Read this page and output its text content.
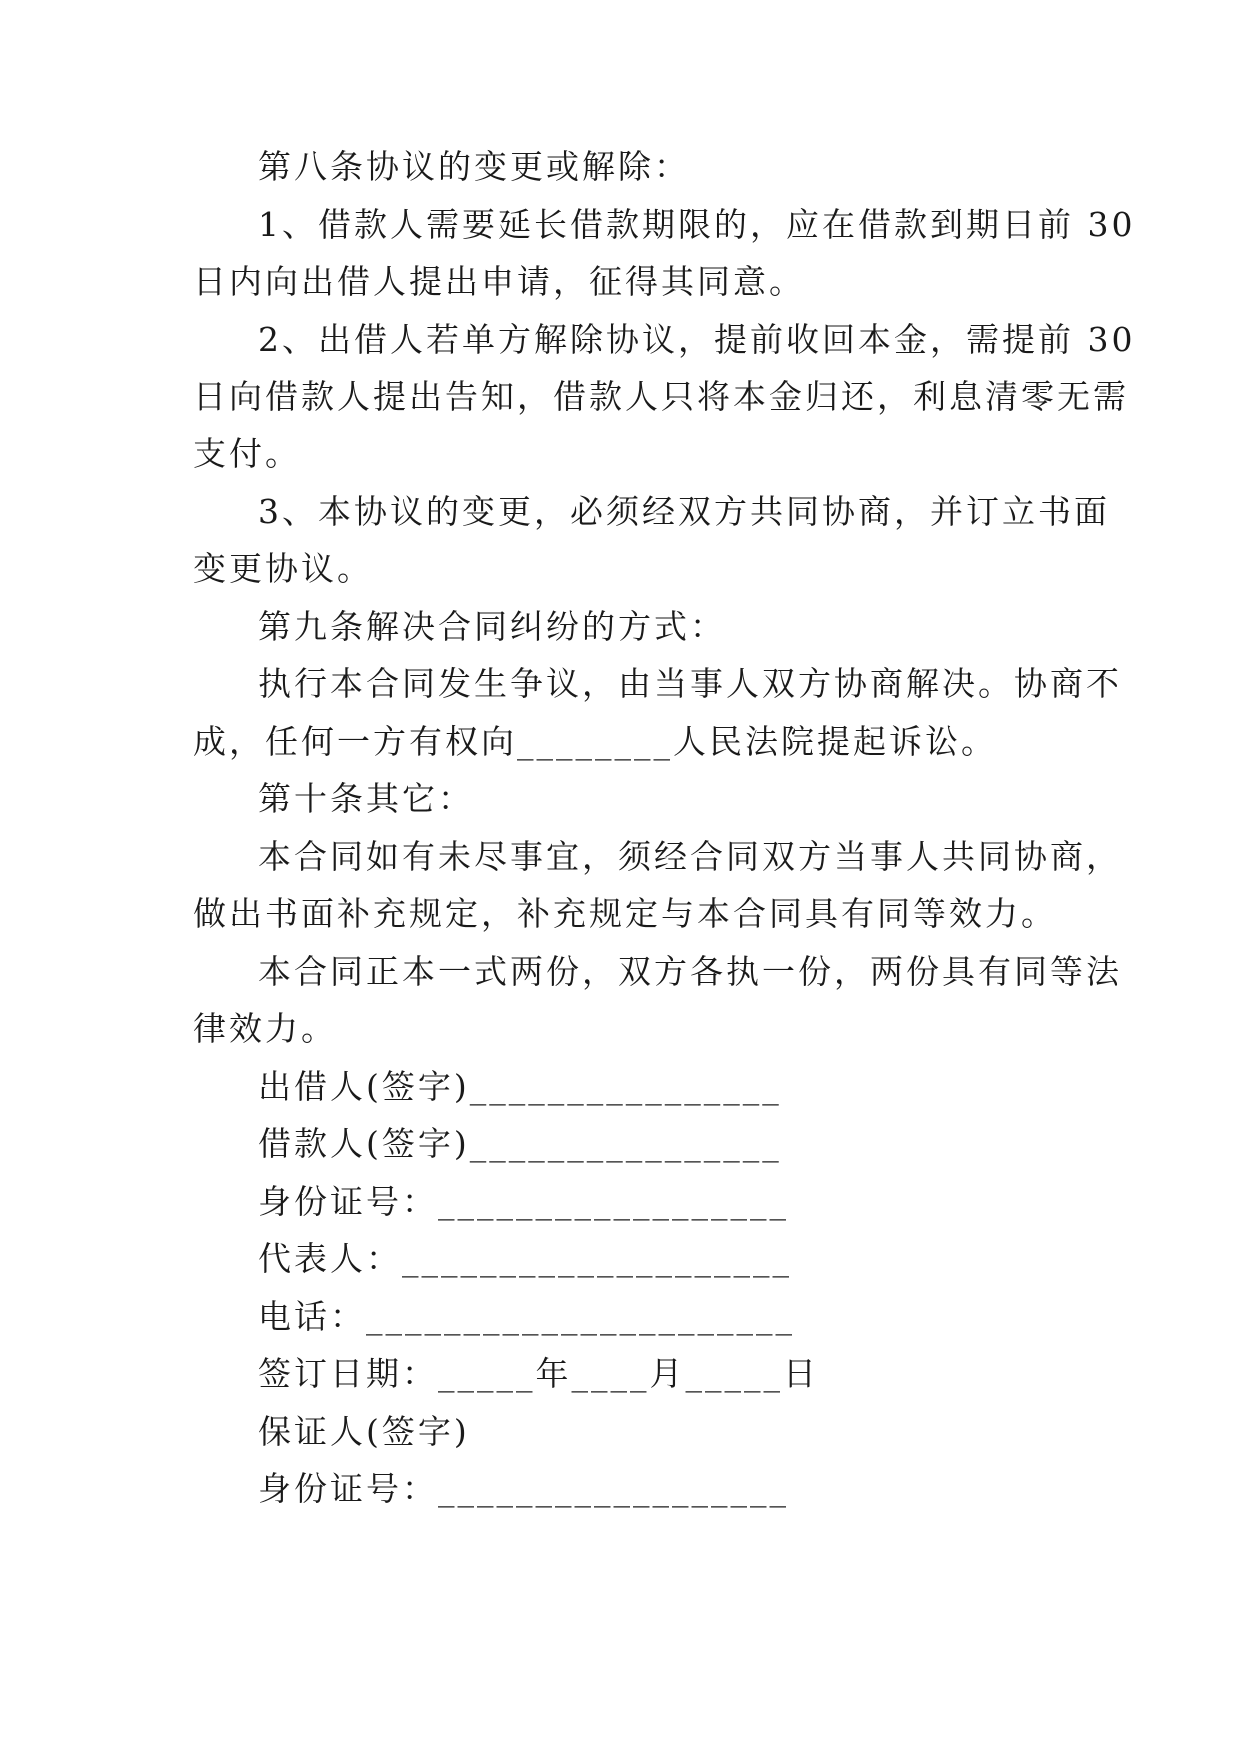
第八条协议的变更或解除：
1、借款人需要延长借款期限的，应在借款到期日前 30
日内向出借人提出申请，征得其同意。
2、出借人若单方解除协议，提前收回本金，需提前 30
日向借款人提出告知，借款人只将本金归还，利息清零无需
支付。
3、本协议的变更，必须经双方共同协商，并订立书面
变更协议。
第九条解决合同纠纷的方式：
执行本合同发生争议，由当事人双方协商解决。协商不
成，任何一方有权向________人民法院提起诉讼。
第十条其它：
本合同如有未尽事宜，须经合同双方当事人共同协商，
做出书面补充规定，补充规定与本合同具有同等效力。
本合同正本一式两份，双方各执一份，两份具有同等法
律效力。
出借人(签字)________________
借款人(签字)________________
身份证号：__________________
代表人：____________________
电话：______________________
签订日期：_____年____月_____日
保证人(签字)
身份证号：__________________
